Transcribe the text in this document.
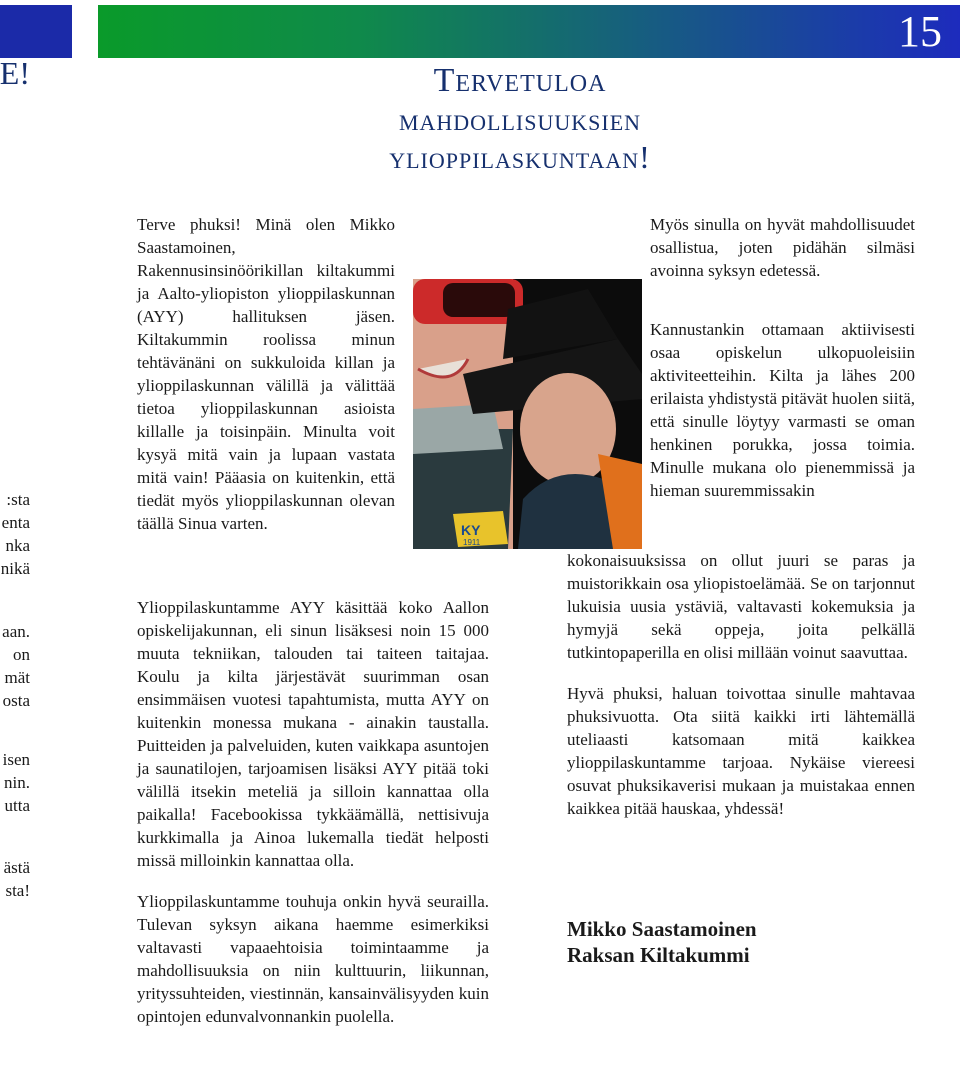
15
E!
:sta
enta
nka
nikä
aan.
on
mät
osta
isen
nin.
utta
ästä
sta!
Tervetuloa
mahdollisuuksien
ylioppilaskuntaan!

Terve phuksi! Minä olen Mikko Saastamoinen, Rakennusinsinöörikillan kiltakummi ja Aalto-yliopiston ylioppilaskunnan (AYY) hallituksen jäsen. Kiltakummin roolissa minun tehtävänäni on sukkuloida killan ja ylioppilaskunnan välillä ja välittää tietoa ylioppilaskunnan asioista killalle ja toisinpäin. Minulta voit kysyä mitä vain ja lupaan vastata mitä vain! Pääasia on kuitenkin, että tiedät myös ylioppilaskunnan olevan täällä Sinua varten.

Ylioppilaskuntamme AYY käsittää koko Aallon opiskelijakunnan, eli sinun lisäksesi noin 15 000 muuta tekniikan, talouden tai taiteen taitajaa. Koulu ja kilta järjestävät suurimman osan ensimmäisen vuotesi tapahtumista, mutta AYY on kuitenkin monessa mukana - ainakin taustalla. Puitteiden ja palveluiden, kuten vaikkapa asuntojen ja saunatilojen, tarjoamisen lisäksi AYY pitää toki välillä itsekin meteliä ja silloin kannattaa olla paikalla! Facebookissa tykkäämällä, nettisivuja kurkkimalla ja Ainoa lukemalla tiedät helposti missä milloinkin kannattaa olla.

Ylioppilaskuntamme touhuja onkin hyvä seurailla. Tulevan syksyn aikana haemme esimerkiksi valtavasti vapaaehtoisia toimintaamme ja mahdollisuuksia on niin kulttuurin, liikunnan, yrityssuhteiden, viestinnän, kansainvälisyyden kuin opintojen edunvalvonnankin puolella.

KY
1911

Myös sinulla on hyvät mahdollisuudet osallistua, joten pidähän silmäsi avoinna syksyn edetessä.

Kannustankin ottamaan aktiivisesti osaa opiskelun ulkopuoleisiin aktiviteetteihin. Kilta ja lähes 200 erilaista yhdistystä pitävät huolen siitä, että sinulle löytyy varmasti se oman henkinen porukka, jossa toimia. Minulle mukana olo pienemmissä ja hieman suuremmissakin

kokonaisuuksissa on ollut juuri se paras ja muistorikkain osa yliopistoelämää. Se on tarjonnut lukuisia uusia ystäviä, valtavasti kokemuksia ja hymyjä sekä oppeja, joita pelkällä tutkintopaperilla en olisi millään voinut saavuttaa.

Hyvä phuksi, haluan toivottaa sinulle mahtavaa phuksivuotta. Ota siitä kaikki irti lähtemällä uteliaasti katsomaan mitä kaikkea ylioppilaskuntamme tarjoaa. Nykäise viereesi osuvat phuksikaverisi mukaan ja muistakaa ennen kaikkea pitää hauskaa, yhdessä!

Mikko Saastamoinen
Raksan Kiltakummi
